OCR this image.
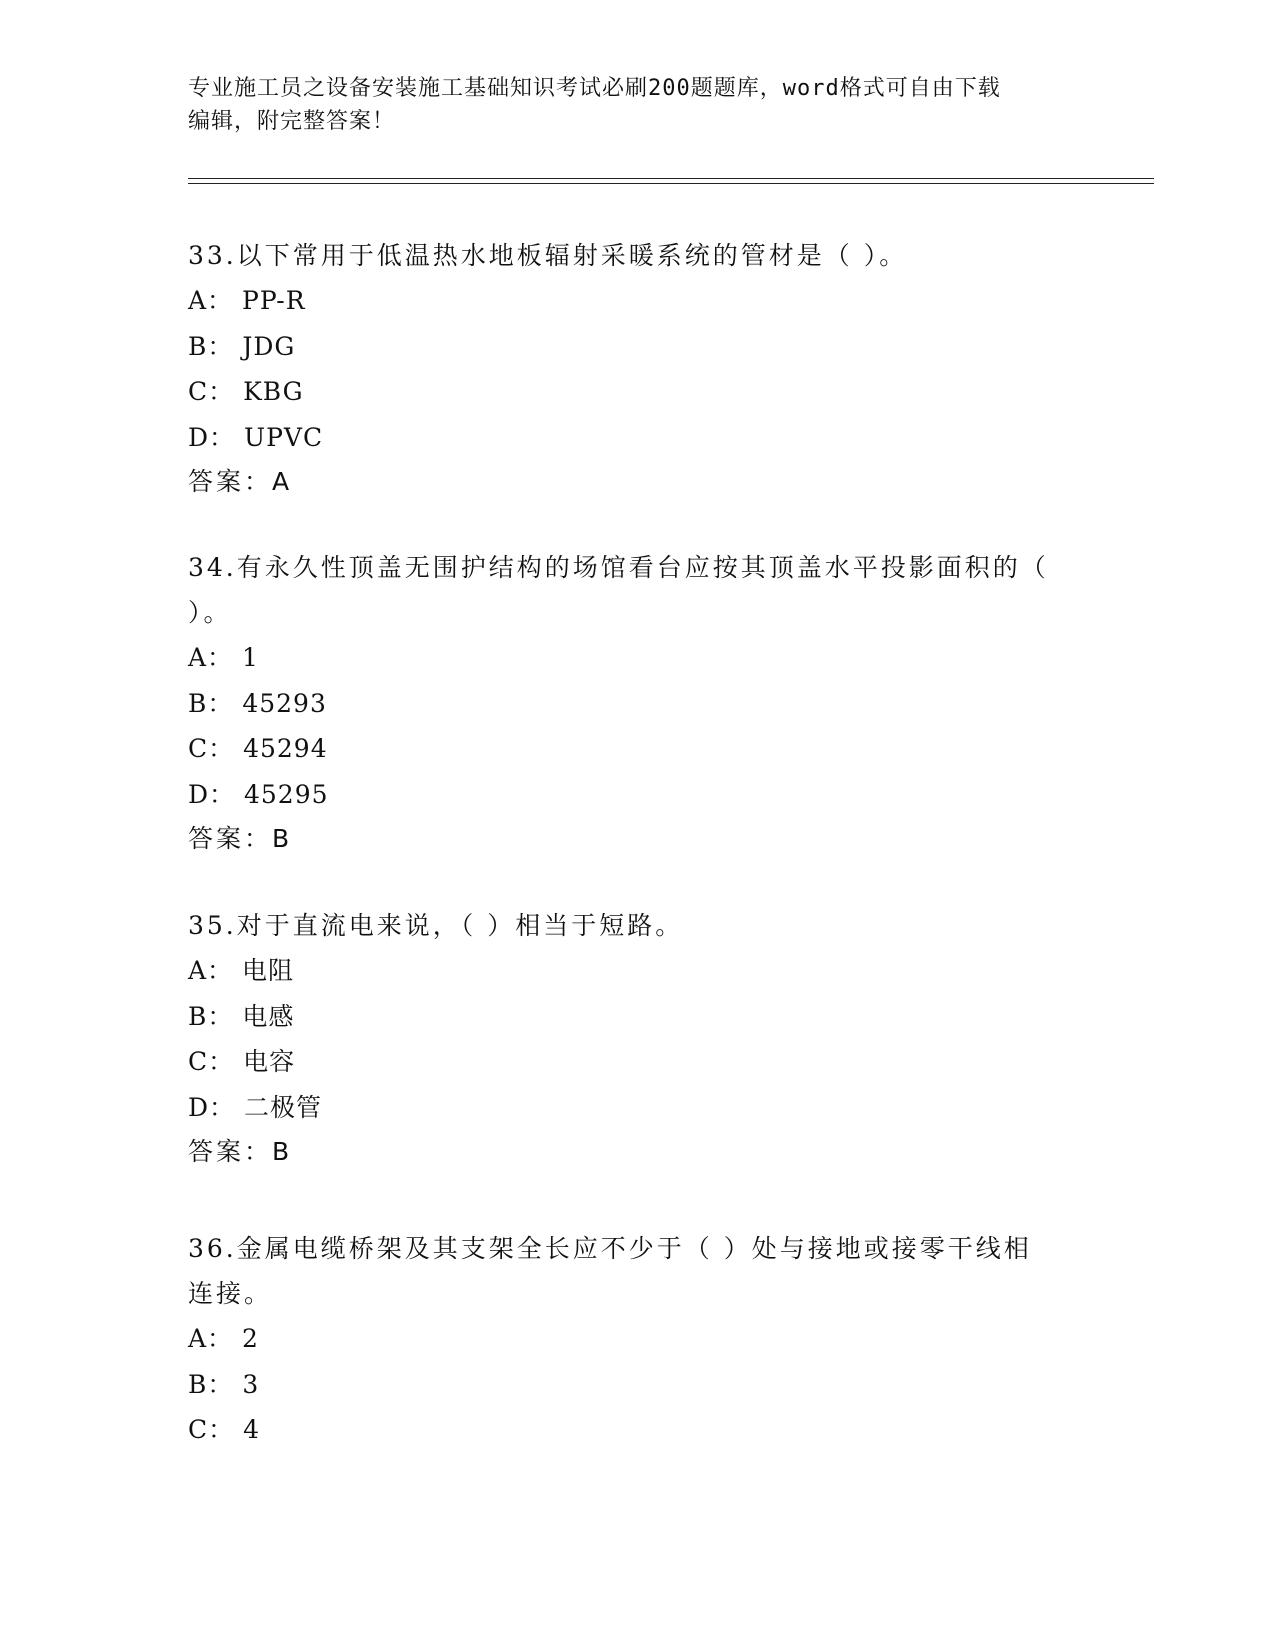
专业施工员之设备安装施工基础知识考试必刷200题题库，word格式可自由下载
编辑，附完整答案！

33.以下常用于低温热水地板辐射采暖系统的管材是（ ）。

A： PP-R

B： JDG

C： KBG

D： UPVC

答案：A

34.有永久性顶盖无围护结构的场馆看台应按其顶盖水平投影面积的（

）。

A： 1

B： 45293

C： 45294

D： 45295

答案：B

35.对于直流电来说，（ ）相当于短路。

A： 电阻

B： 电感

C： 电容

D： 二极管

答案：B

36.金属电缆桥架及其支架全长应不少于（ ）处与接地或接零干线相

连接。

A： 2

B： 3

C： 4
